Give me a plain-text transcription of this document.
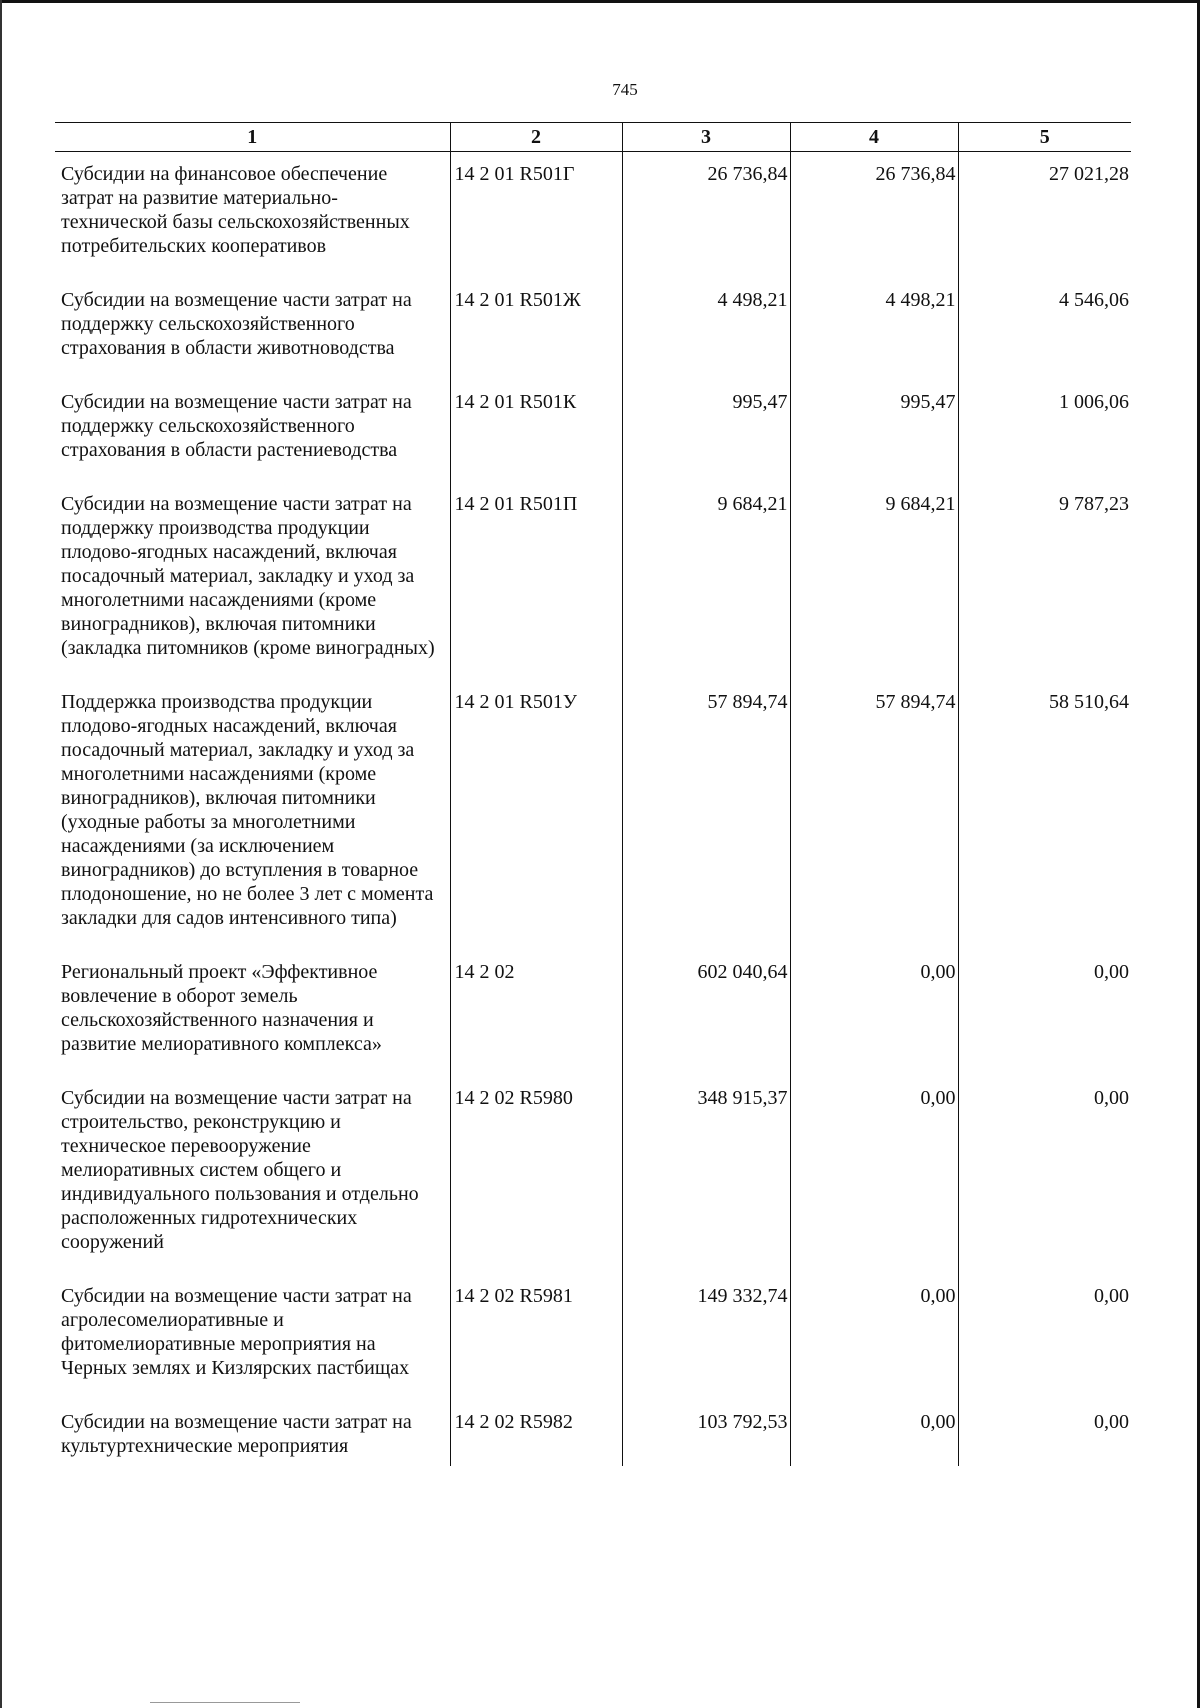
745
1	2	3	4	5
Субсидии на финансовое обеспечение затрат на развитие материально-технической базы сельскохозяйственных потребительских кооперативов	14 2 01 R501Г	26 736,84	26 736,84	27 021,28
Субсидии на возмещение части затрат на поддержку сельскохозяйственного страхования в области животноводства	14 2 01 R501Ж	4 498,21	4 498,21	4 546,06
Субсидии на возмещение части затрат на поддержку сельскохозяйственного страхования в области растениеводства	14 2 01 R501К	995,47	995,47	1 006,06
Субсидии на возмещение части затрат на поддержку производства продукции плодово-ягодных насаждений, включая посадочный материал, закладку и уход за многолетними насаждениями (кроме виноградников), включая питомники (закладка питомников (кроме виноградных)	14 2 01 R501П	9 684,21	9 684,21	9 787,23
Поддержка производства продукции плодово-ягодных насаждений, включая посадочный материал, закладку и уход за многолетними насаждениями (кроме виноградников), включая питомники (уходные работы за многолетними насаждениями (за исключением виноградников) до вступления в товарное плодоношение, но не более 3 лет с момента закладки для садов интенсивного типа)	14 2 01 R501У	57 894,74	57 894,74	58 510,64
Региональный проект «Эффективное вовлечение в оборот земель сельскохозяйственного назначения и развитие мелиоративного комплекса»	14 2 02	602 040,64	0,00	0,00
Субсидии на возмещение части затрат на строительство, реконструкцию и техническое перевооружение мелиоративных систем общего и индивидуального пользования и отдельно расположенных гидротехнических сооружений	14 2 02 R5980	348 915,37	0,00	0,00
Субсидии на возмещение части затрат на агролесомелиоративные и фитомелиоративные мероприятия на Черных землях и Кизлярских пастбищах	14 2 02 R5981	149 332,74	0,00	0,00
Субсидии на возмещение части затрат на культуртехнические мероприятия	14 2 02 R5982	103 792,53	0,00	0,00
